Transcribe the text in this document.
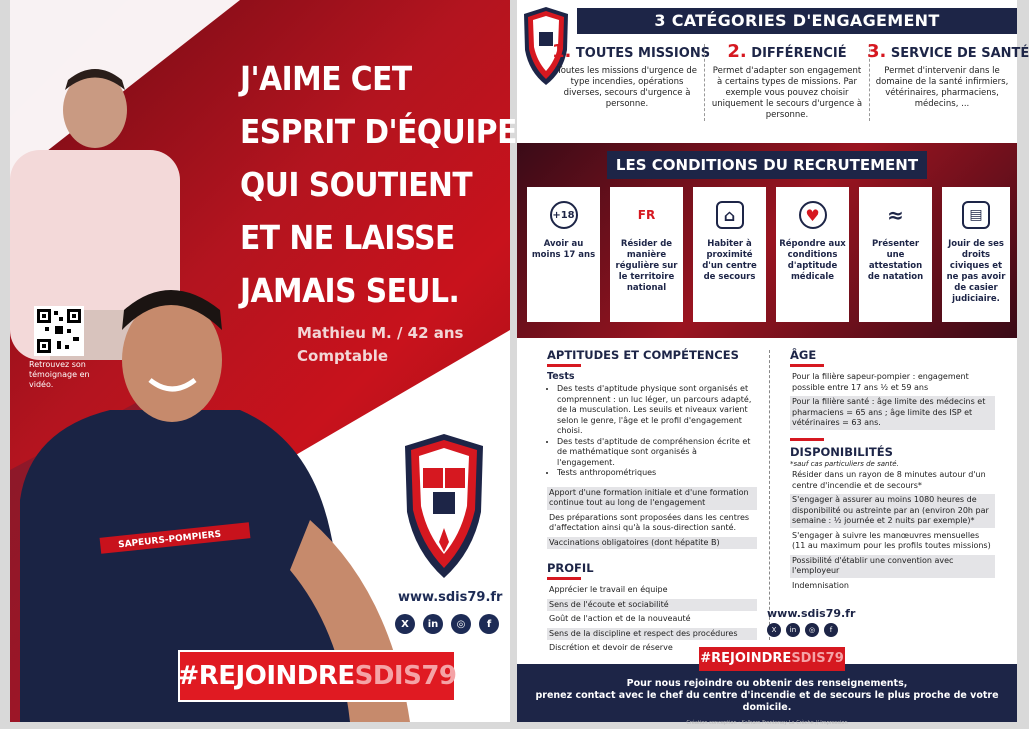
SAPEURS-POMPIERS
J'AIME CET
ESPRIT D'ÉQUIPE
QUI SOUTIENT
ET NE LAISSE
JAMAIS SEUL.
Mathieu M. / 42 ans
Comptable
Retrouvez son témoignage en vidéo.
www.sdis79.fr
X	in	◎	f
#REJOINDRE SDIS79
3 CATÉGORIES D'ENGAGEMENT
1. TOUTES MISSIONS
Toutes les missions d'urgence de type incendies, opérations diverses, secours d'urgence à personne.
2. DIFFÉRENCIÉ
Permet d'adapter son engagement à certains types de missions. Par exemple vous pouvez choisir uniquement le secours d'urgence à personne.
3. SERVICE DE SANTÉ
Permet d'intervenir dans le domaine de la santé infirmiers, vétérinaires, pharmaciens, médecins, ...
LES CONDITIONS DU RECRUTEMENT
+18
Avoir au moins 17 ans
FR
Résider de manière régulière sur le territoire national
⌂
Habiter à proximité d'un centre de secours
♥
Répondre aux conditions d'aptitude médicale
≈
Présenter une attestation de natation
▤
Jouir de ses droits civiques et ne pas avoir de casier judiciaire.
APTITUDES ET COMPÉTENCES
Tests
• Des tests d'aptitude physique sont organisés et comprennent : un luc léger, un parcours adapté, de la musculation. Les seuils et niveaux varient selon le genre, l'âge et le profil d'engagement choisi.
• Des tests d'aptitude de compréhension écrite et de mathématique sont organisés à l'engagement.
• Tests anthropométriques
Apport d'une formation initiale et d'une formation continue tout au long de l'engagement
Des préparations sont proposées dans les centres d'affectation ainsi qu'à la sous-direction santé.
Vaccinations obligatoires (dont hépatite B)
PROFIL
Apprécier le travail en équipe
Sens de l'écoute et sociabilité
Goût de l'action et de la nouveauté
Sens de la discipline et respect des procédures
Discrétion et devoir de réserve
ÂGE
Pour la filière sapeur-pompier : engagement possible entre 17 ans ½ et 59 ans
Pour la filière santé : âge limite des médecins et pharmaciens = 65 ans ; âge limite des ISP et vétérinaires = 63 ans.
DISPONIBILITÉS
*sauf cas particuliers de santé.
Résider dans un rayon de 8 minutes autour d'un centre d'incendie et de secours*
S'engager à assurer au moins 1080 heures de disponibilité ou astreinte par an (environ 20h par semaine : ½ journée et 2 nuits par exemple)*
S'engager à suivre les manœuvres mensuelles (11 au maximum pour les profils toutes missions)
Possibilité d'établir une convention avec l'employeur
Indemnisation
www.sdis79.fr
X	in	◎	f
#REJOINDRESDIS79
Pour nous rejoindre ou obtenir des renseignements,
prenez contact avec le chef du centre d'incendie et de secours le plus proche de votre domicile.
Création conception : Kalhorn Frontenay-La Crèche // Impression
